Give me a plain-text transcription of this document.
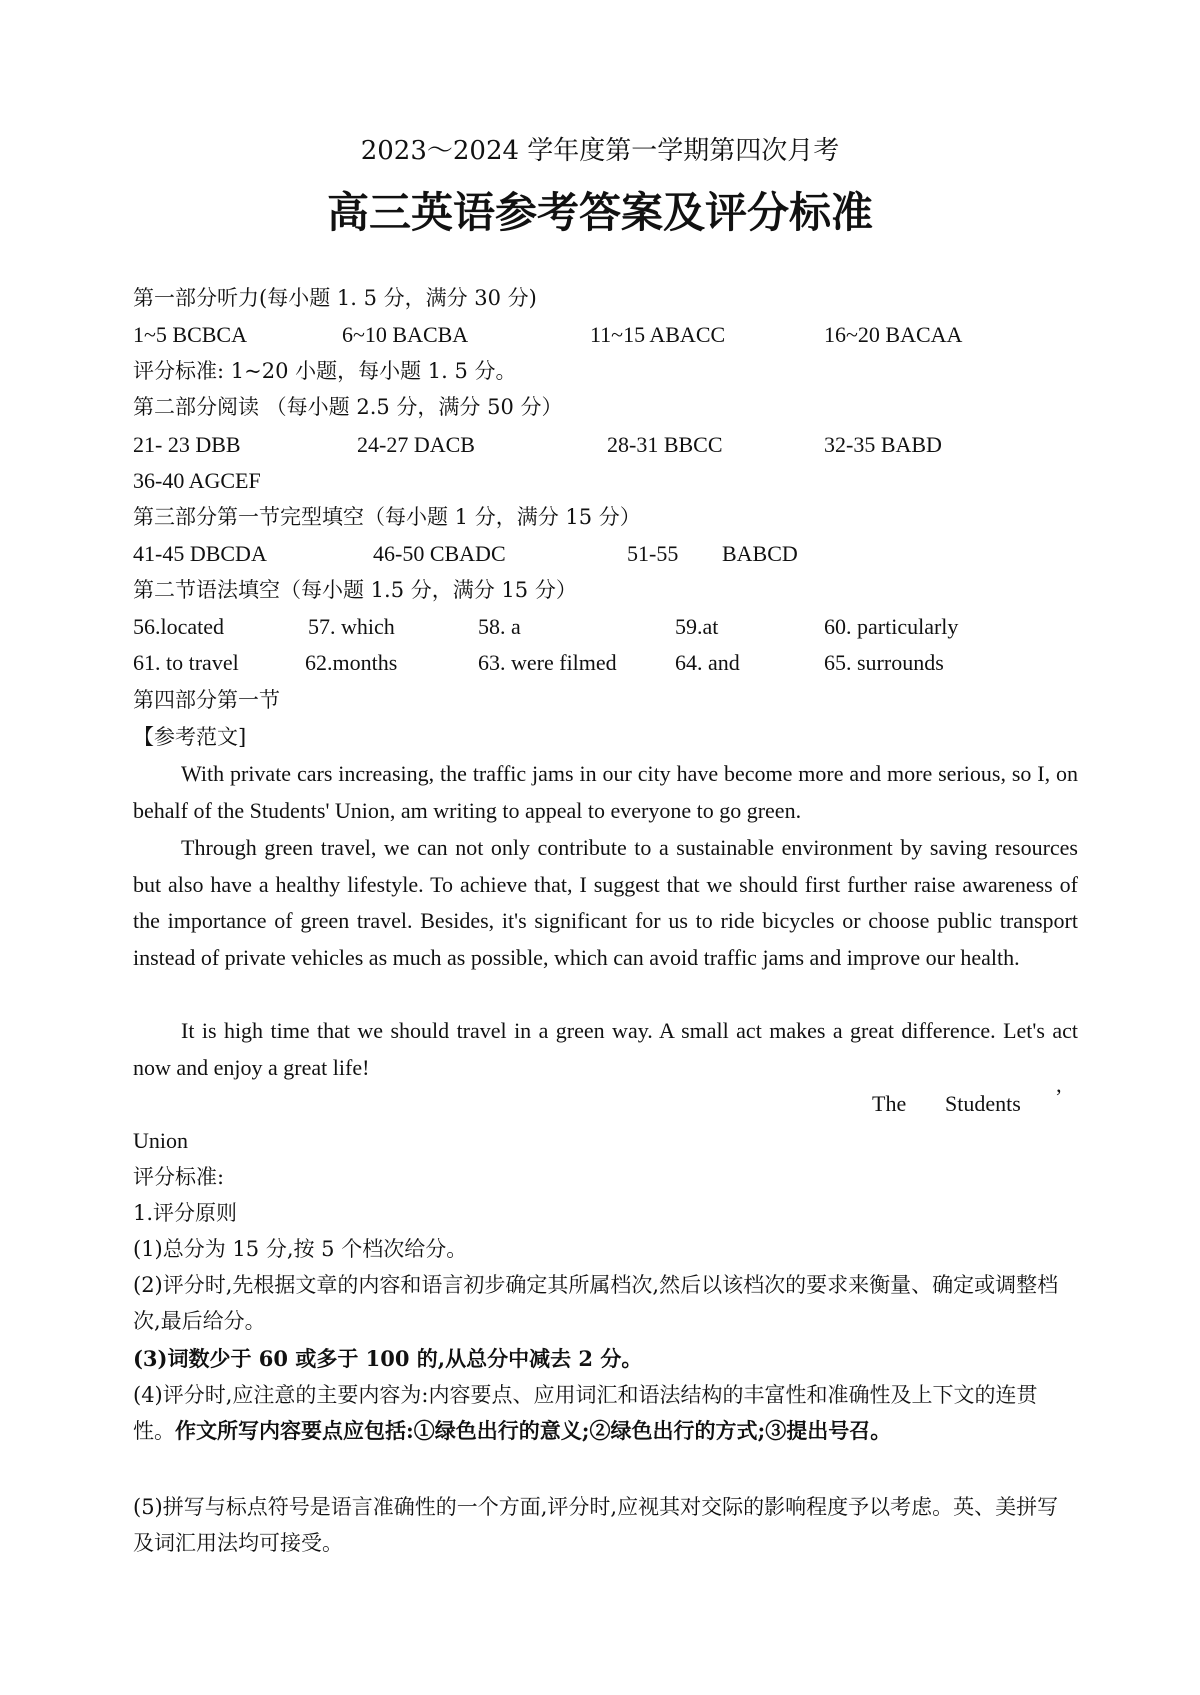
2023～2024 学年度第一学期第四次月考
高三英语参考答案及评分标准
第一部分听力(每小题 1. 5 分，满分 30 分)
1~5 BCBCA	6~10 BACBA	11~15 ABACC	16~20 BACAA
评分标准: 1~20 小题，每小题 1. 5 分。
第二部分阅读 （每小题 2.5 分，满分 50 分）
21- 23 DBB	24-27 DACB	28-31 BBCC	32-35 BABD
36-40 AGCEF
第三部分第一节完型填空（每小题 1 分，满分 15 分）
41-45 DBCDA	46-50 CBADC	51-55 BABCD
第二节语法填空（每小题 1.5 分，满分 15 分）
56.located	57. which	58. a	59.at	60. particularly
61. to travel	62.months	63. were filmed	64. and	65. surrounds
第四部分第一节
【参考范文]
With private cars increasing, the traffic jams in our city have become more and more serious, so I, on behalf of the Students' Union, am writing to appeal to everyone to go green.
Through green travel, we can not only contribute to a sustainable environment by saving resources but also have a healthy lifestyle. To achieve that, I suggest that we should first further raise awareness of the importance of green travel. Besides, it's significant for us to ride bicycles or choose public transport instead of private vehicles as much as possible, which can avoid traffic jams and improve our health.
It is high time that we should travel in a green way. A small act makes a great difference. Let's act now and enjoy a great life!
The Students ’
Union
评分标准:
1.评分原则
(1)总分为 15 分,按 5 个档次给分。
(2)评分时,先根据文章的内容和语言初步确定其所属档次,然后以该档次的要求来衡量、确定或调整档次,最后给分。
(3)词数少于 60 或多于 100 的,从总分中减去 2 分。
(4)评分时,应注意的主要内容为:内容要点、应用词汇和语法结构的丰富性和准确性及上下文的连贯性。作文所写内容要点应包括:①绿色出行的意义;②绿色出行的方式;③提出号召。
(5)拼写与标点符号是语言准确性的一个方面,评分时,应视其对交际的影响程度予以考虑。英、美拼写及词汇用法均可接受。
